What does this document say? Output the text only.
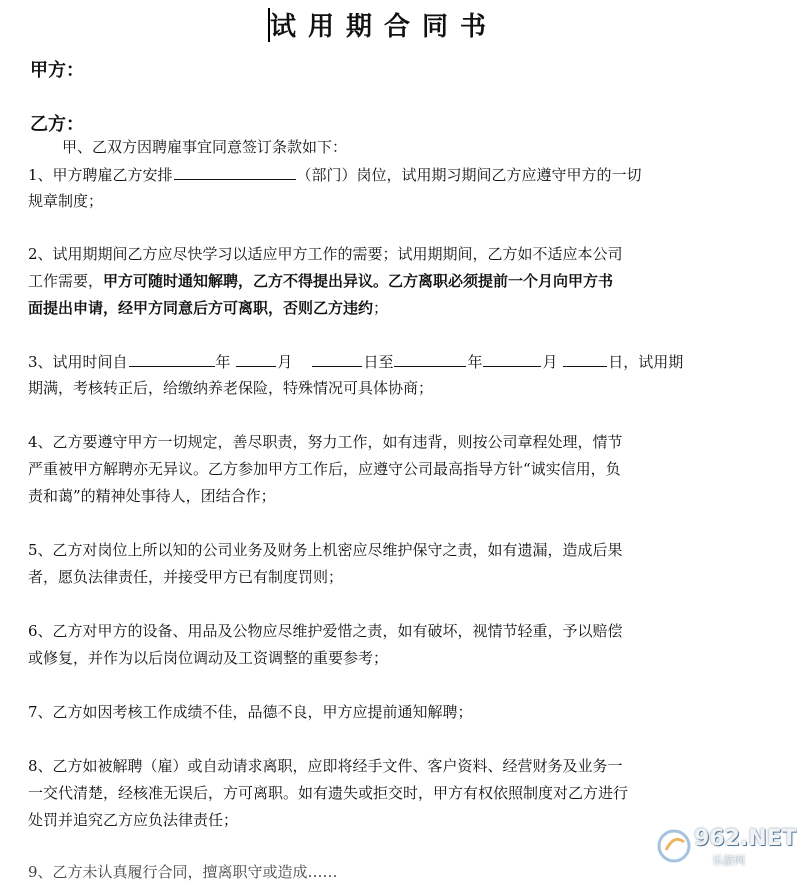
试用期合同书
甲方：
乙方：
甲、乙双方因聘雇事宜同意签订条款如下：
1、甲方聘雇乙方安排	（部门）岗位，试用期习期间乙方应遵守甲方的一切
规章制度；
2、试用期期间乙方应尽快学习以适应甲方工作的需要；试用期期间，乙方如不适应本公司
工作需要，甲方可随时通知解聘，乙方不得提出异议。乙方离职必须提前一个月向甲方书
面提出申请，经甲方同意后方可离职，否则乙方违约；
3、试用时间自	年	月	日至	年	月	日，试用期
期满，考核转正后，给缴纳养老保险，特殊情况可具体协商；
4、乙方要遵守甲方一切规定，善尽职责，努力工作，如有违背，则按公司章程处理，情节
严重被甲方解聘亦无异议。乙方参加甲方工作后，应遵守公司最高指导方针“诚实信用，负
责和蔼”的精神处事待人，团结合作；
5、乙方对岗位上所以知的公司业务及财务上机密应尽维护保守之责，如有遗漏，造成后果
者，愿负法律责任，并接受甲方已有制度罚则；
6、乙方对甲方的设备、用品及公物应尽维护爱惜之责，如有破坏，视情节轻重，予以赔偿
或修复，并作为以后岗位调动及工资调整的重要参考；
7、乙方如因考核工作成绩不佳，品德不良，甲方应提前通知解聘；
8、乙方如被解聘（雇）或自动请求离职，应即将经手文件、客户资料、经营财务及业务一
一交代清楚，经核准无误后，方可离职。如有遗失或拒交时，甲方有权依照制度对乙方进行
处罚并追究乙方应负法律责任；
9、乙方未认真履行合同，擅离职守或造成……
962.NET
乐游网
